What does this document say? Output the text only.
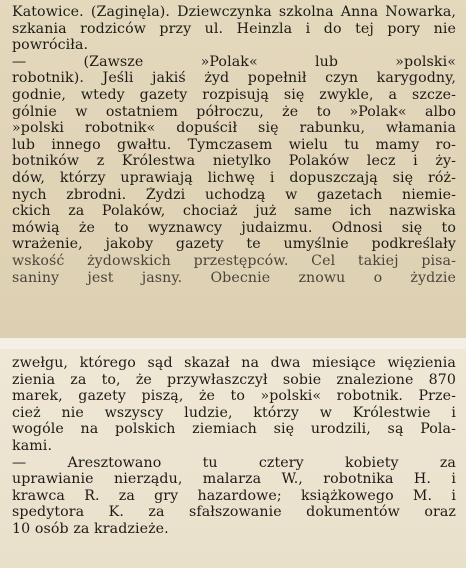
Katowice. (Zaginęla). Dziewczynka szkolna Anna Nowarka,
szkania rodziców przy ul. Heinzla i do tej pory nie
powróciła.
— (Zawsze »Polak« lub »polski«
robotnik). Jeśli jakiś żyd popełnił czyn karygodny,
godnie, wtedy gazety rozpisują się zwykle, a szcze-
gólnie w ostatniem półroczu, że to »Polak« albo
»polski robotnik« dopuścił się rabunku, włamania
lub innego gwałtu. Tymczasem wielu tu mamy ro-
botników z Królestwa nietylko Polaków lecz i ży-
dów, którzy uprawiają lichwę i dopuszczają się róż-
nych zbrodni. Żydzi uchodzą w gazetach niemie-
ckich za Polaków, chociaż już same ich nazwiska
mówią że to wyznawcy judaizmu. Odnosi się to
wrażenie, jakoby gazety te umyślnie podkreślały
wskość żydowskich przestępców. Cel takiej pisa-
saniny jest jasny. Obecnie znowu o żydzie
zwełgu, którego sąd skazał na dwa miesiące więzienia
zienia za to, że przywłaszczył sobie znalezione 870
marek, gazety piszą, że to »polski« robotnik. Prze-
cież nie wszyscy ludzie, którzy w Królestwie i
wogóle na polskich ziemiach się urodzili, są Pola-
kami.
— Aresztowano tu cztery kobiety za
uprawianie nierządu, malarza W., robotnika H. i
krawca R. za gry hazardowe; książkowego M. i
spedytora K. za sfałszowanie dokumentów oraz
10 osób za kradzieże.
